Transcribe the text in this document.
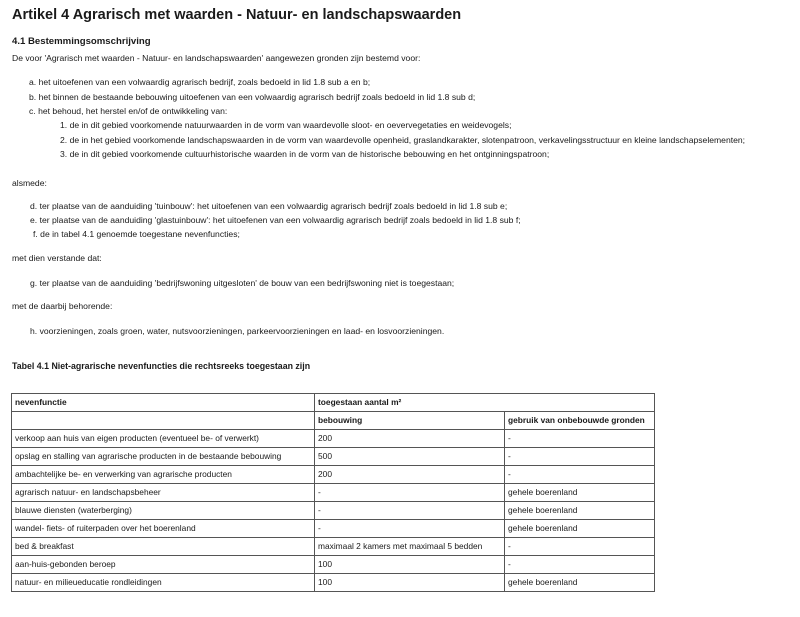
Artikel 4 Agrarisch met waarden - Natuur- en landschapswaarden
4.1 Bestemmingsomschrijving
De voor 'Agrarisch met waarden - Natuur- en landschapswaarden' aangewezen gronden zijn bestemd voor:
a. het uitoefenen van een volwaardig agrarisch bedrijf, zoals bedoeld in lid 1.8 sub a en b;
b. het binnen de bestaande bebouwing uitoefenen van een volwaardig agrarisch bedrijf zoals bedoeld in lid 1.8 sub d;
c. het behoud, het herstel en/of de ontwikkeling van:
1. de in dit gebied voorkomende natuurwaarden in de vorm van waardevolle sloot- en oevervegetaties en weidevogels;
2. de in het gebied voorkomende landschapswaarden in de vorm van waardevolle openheid, graslandkarakter, slotenpatroon, verkavelingsstructuur en kleine landschapselementen;
3. de in dit gebied voorkomende cultuurhistorische waarden in de vorm van de historische bebouwing en het ontginningspatroon;
alsmede:
d. ter plaatse van de aanduiding 'tuinbouw': het uitoefenen van een volwaardig agrarisch bedrijf zoals bedoeld in lid 1.8 sub e;
e. ter plaatse van de aanduiding 'glastuinbouw': het uitoefenen van een volwaardig agrarisch bedrijf zoals bedoeld in lid 1.8 sub f;
f. de in tabel 4.1 genoemde toegestane nevenfuncties;
met dien verstande dat:
g. ter plaatse van de aanduiding 'bedrijfswoning uitgesloten' de bouw van een bedrijfswoning niet is toegestaan;
met de daarbij behorende:
h. voorzieningen, zoals groen, water, nutsvoorzieningen, parkeervoorzieningen en laad- en losvoorzieningen.
Tabel 4.1 Niet-agrarische nevenfuncties die rechtsreeks toegestaan zijn
nevenfunctie	toegestaan aantal m²	
	bebouwing	gebruik van onbebouwde gronden
verkoop aan huis van eigen producten (eventueel be- of verwerkt)	200	-
opslag en stalling van agrarische producten in de bestaande bebouwing	500	-
ambachtelijke be- en verwerking van agrarische producten	200	-
agrarisch natuur- en landschapsbeheer	-	gehele boerenland
blauwe diensten (waterberging)	-	gehele boerenland
wandel- fiets- of ruiterpaden over het boerenland	-	gehele boerenland
bed & breakfast	maximaal 2 kamers met maximaal 5 bedden	-
aan-huis-gebonden beroep	100	-
natuur- en milieueducatie rondleidingen	100	gehele boerenland
